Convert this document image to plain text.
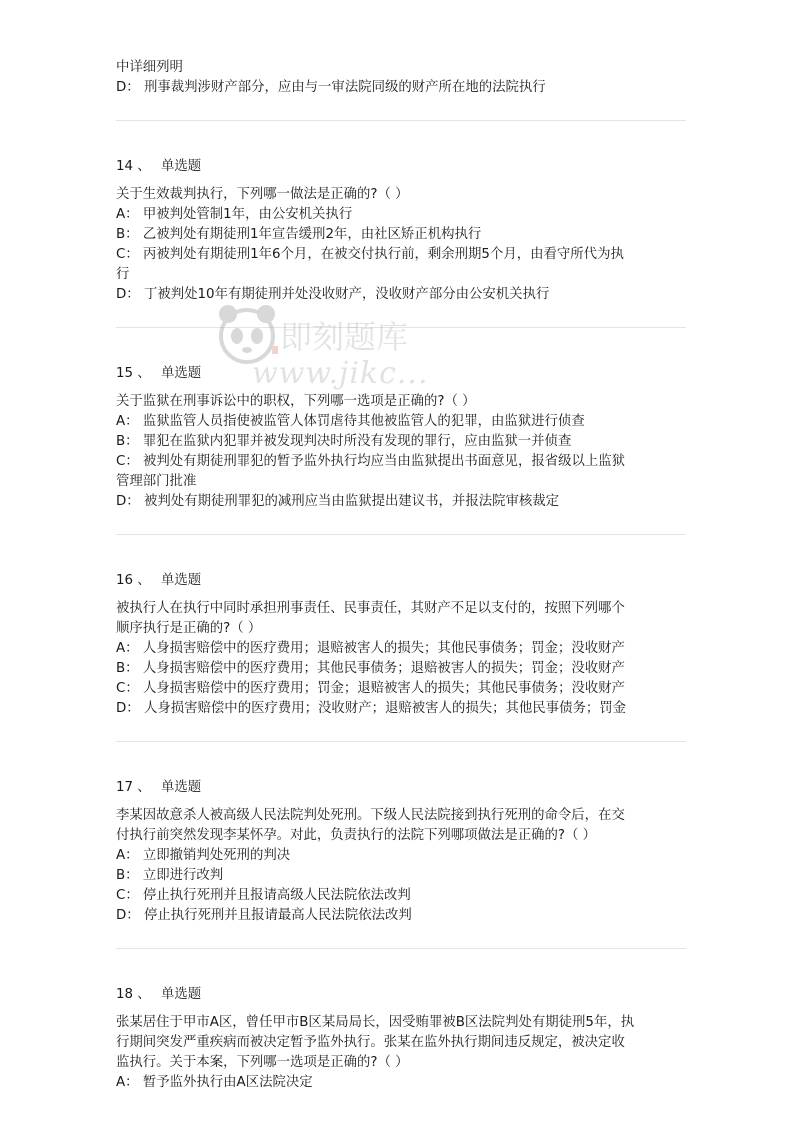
中详细列明
D： 刑事裁判涉财产部分，应由与一审法院同级的财产所在地的法院执行
14 、 单选题
关于生效裁判执行，下列哪一做法是正确的?（ ）
A： 甲被判处管制1年，由公安机关执行
B： 乙被判处有期徒刑1年宣告缓刑2年，由社区矫正机构执行
C： 丙被判处有期徒刑1年6个月，在被交付执行前，剩余刑期5个月，由看守所代为执
行
D： 丁被判处10年有期徒刑并处没收财产，没收财产部分由公安机关执行
15 、 单选题
关于监狱在刑事诉讼中的职权，下列哪一选项是正确的?（ ）
A： 监狱监管人员指使被监管人体罚虐待其他被监管人的犯罪，由监狱进行侦查
B： 罪犯在监狱内犯罪并被发现判决时所没有发现的罪行，应由监狱一并侦查
C： 被判处有期徒刑罪犯的暂予监外执行均应当由监狱提出书面意见，报省级以上监狱
管理部门批准
D： 被判处有期徒刑罪犯的减刑应当由监狱提出建议书，并报法院审核裁定
16 、 单选题
被执行人在执行中同时承担刑事责任、民事责任，其财产不足以支付的，按照下列哪个
顺序执行是正确的?（ ）
A： 人身损害赔偿中的医疗费用；退赔被害人的损失；其他民事债务；罚金；没收财产
B： 人身损害赔偿中的医疗费用；其他民事债务；退赔被害人的损失；罚金；没收财产
C： 人身损害赔偿中的医疗费用；罚金；退赔被害人的损失；其他民事债务；没收财产
D： 人身损害赔偿中的医疗费用；没收财产；退赔被害人的损失；其他民事债务；罚金
17 、 单选题
李某因故意杀人被高级人民法院判处死刑。下级人民法院接到执行死刑的命令后，在交
付执行前突然发现李某怀孕。对此，负责执行的法院下列哪项做法是正确的?（ ）
A： 立即撤销判处死刑的判决
B： 立即进行改判
C： 停止执行死刑并且报请高级人民法院依法改判
D： 停止执行死刑并且报请最高人民法院依法改判
18 、 单选题
张某居住于甲市A区，曾任甲市B区某局局长，因受贿罪被B区法院判处有期徒刑5年，执
行期间突发严重疾病而被决定暂予监外执行。张某在监外执行期间违反规定，被决定收
监执行。关于本案，下列哪一选项是正确的?（ ）
A： 暂予监外执行由A区法院决定
即刻题库
www.jikc...
